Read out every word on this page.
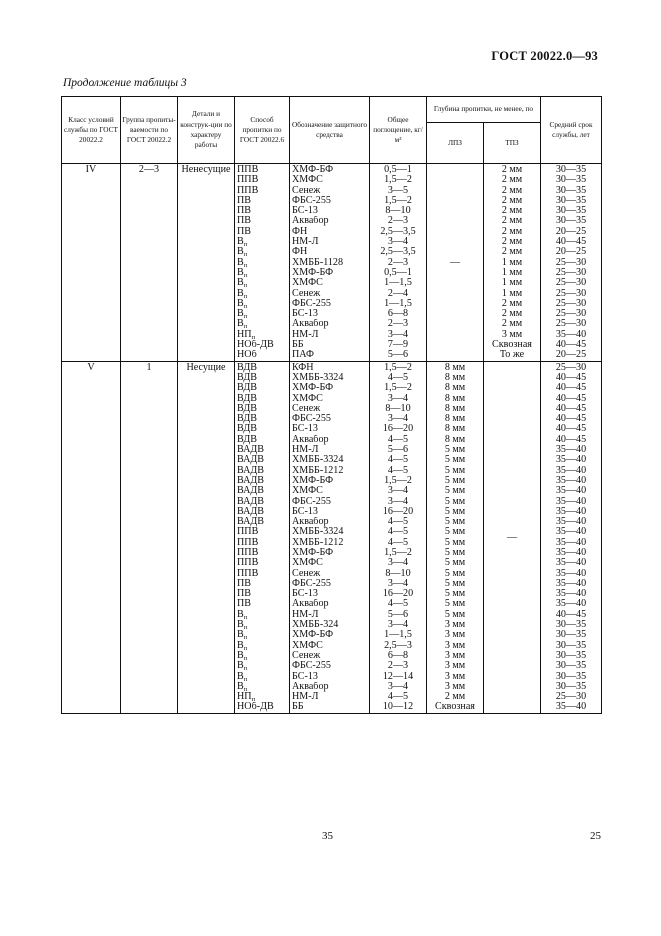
ГОСТ 20022.0—93
Продолжение таблицы 3
Класс условий службы по ГОСТ 20022.2	Группа пропиты-ваемости по ГОСТ 20022.2	Детали и конструк-ции по характеру работы	Способ пропитки по ГОСТ 20022.6	Обозначение защитного средства	Общее поглощение, кг/м³	Глубина пропитки, не менее, по		Средний срок службы, лет
						ЛПЗ	ТПЗ	
IV	2—3	Ненесущие	ППВ	ХМФ-БФ	0,5—1	—	2 мм	30—35
			ППВ	ХМФС	1,5—2		2 мм	30—35
			ППВ	Сенеж	3—5		2 мм	30—35
			ПВ	ФБС-255	1,5—2		2 мм	30—35
			ПВ	БС-13	8—10		2 мм	30—35
			ПВ	Аквабор	2—3		2 мм	30—35
			ПВ	ФН	2,5—3,5		2 мм	20—25
			$В_п$	НМ-Л	3—4		2 мм	40—45
			$В_п$	ФН	2,5—3,5		2 мм	20—25
			$В_п$	ХМББ-1128	2—3		1 мм	25—30
			$В_п$	ХМФ-БФ	0,5—1		1 мм	25—30
			$В_п$	ХМФС	1—1,5		1 мм	25—30
			$В_п$	Сенеж	2—4		1 мм	25—30
			$В_п$	ФБС-255	1—1,5		2 мм	25—30
			$В_п$	БС-13	6—8		2 мм	25—30
			$В_п$	Аквабор	2—3		2 мм	25—30
			$НП_п$	НМ-Л	3—4		3 мм	35—40
			НОб-ДВ	ББ	7—9		Сквозная	40—45
			НОб	ПАФ	5—6		То же	20—25
V	1	Несущие	ВДВ	КФН	1,5—2	8 мм	—	25—30
			ВДВ	ХМББ-3324	4—5	8 мм		40—45
			ВДВ	ХМФ-БФ	1,5—2	8 мм		40—45
			ВДВ	ХМФС	3—4	8 мм		40—45
			ВДВ	Сенеж	8—10	8 мм		40—45
			ВДВ	ФБС-255	3—4	8 мм		40—45
			ВДВ	БС-13	16—20	8 мм		40—45
			ВДВ	Аквабор	4—5	8 мм		40—45
			ВАДВ	НМ-Л	5—6	5 мм		35—40
			ВАДВ	ХМББ-3324	4—5	5 мм		35—40
			ВАДВ	ХМББ-1212	4—5	5 мм		35—40
			ВАДВ	ХМФ-БФ	1,5—2	5 мм		35—40
			ВАДВ	ХМФС	3—4	5 мм		35—40
			ВАДВ	ФБС-255	3—4	5 мм		35—40
			ВАДВ	БС-13	16—20	5 мм		35—40
			ВАДВ	Аквабор	4—5	5 мм		35—40
			ППВ	ХМББ-3324	4—5	5 мм		35—40
			ППВ	ХМББ-1212	4—5	5 мм		35—40
			ППВ	ХМФ-БФ	1,5—2	5 мм		35—40
			ППВ	ХМФС	3—4	5 мм		35—40
			ППВ	Сенеж	8—10	5 мм		35—40
			ПВ	ФБС-255	3—4	5 мм		35—40
			ПВ	БС-13	16—20	5 мм		35—40
			ПВ	Аквабор	4—5	5 мм		35—40
			$В_п$	НМ-Л	5—6	5 мм		40—45
			$В_п$	ХМББ-324	3—4	3 мм		30—35
			$В_п$	ХМФ-БФ	1—1,5	3 мм		30—35
			$В_п$	ХМФС	2,5—3	3 мм		30—35
			$В_п$	Сенеж	6—8	3 мм		30—35
			$В_п$	ФБС-255	2—3	3 мм		30—35
			$В_п$	БС-13	12—14	3 мм		30—35
			$В_п$	Аквабор	3—4	3 мм		30—35
			$НП_п$	НМ-Л	4—5	2 мм		25—30
			НОб-ДВ	ББ	10—12	Сквозная		35—40
35	25
